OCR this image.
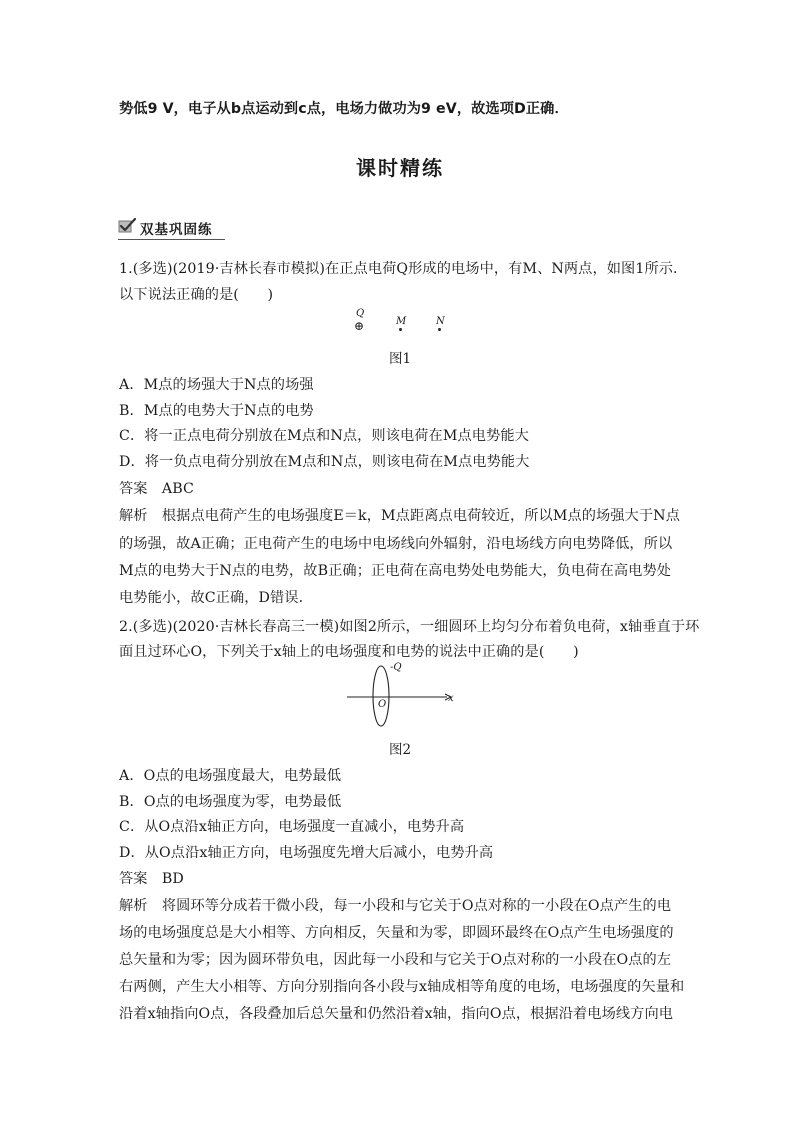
势低9 V，电子从b点运动到c点，电场力做功为9 eV，故选项D正确．
课时精练
双基巩固练
1.(多选)(2019·吉林长春市模拟)在正点电荷Q形成的电场中，有M、N两点，如图1所示．
以下说法正确的是(　　)
Q
⊕	M	N
图1
A．M点的场强大于N点的场强
B．M点的电势大于N点的电势
C．将一正点电荷分别放在M点和N点，则该电荷在M点电势能大
D．将一负点电荷分别放在M点和N点，则该电荷在M点电势能大
答案　ABC
解析　根据点电荷产生的电场强度E＝k，M点距离点电荷较近，所以M点的场强大于N点
的场强，故A正确；正电荷产生的电场中电场线向外辐射，沿电场线方向电势降低，所以
M点的电势大于N点的电势，故B正确；正电荷在高电势处电势能大，负电荷在高电势处
电势能小，故C正确，D错误．
2.(多选)(2020·吉林长春高三一模)如图2所示，一细圆环上均匀分布着负电荷，x轴垂直于环
面且过环心O，下列关于x轴上的电场强度和电势的说法中正确的是(　　)
-Q
O
x
图2
A．O点的电场强度最大，电势最低
B．O点的电场强度为零，电势最低
C．从O点沿x轴正方向，电场强度一直减小，电势升高
D．从O点沿x轴正方向，电场强度先增大后减小，电势升高
答案　BD
解析　将圆环等分成若干微小段，每一小段和与它关于O点对称的一小段在O点产生的电
场的电场强度总是大小相等、方向相反，矢量和为零，即圆环最终在O点产生电场强度的
总矢量和为零；因为圆环带负电，因此每一小段和与它关于O点对称的一小段在O点的左
右两侧，产生大小相等、方向分别指向各小段与x轴成相等角度的电场，电场强度的矢量和
沿着x轴指向O点，各段叠加后总矢量和仍然沿着x轴，指向O点，根据沿着电场线方向电
